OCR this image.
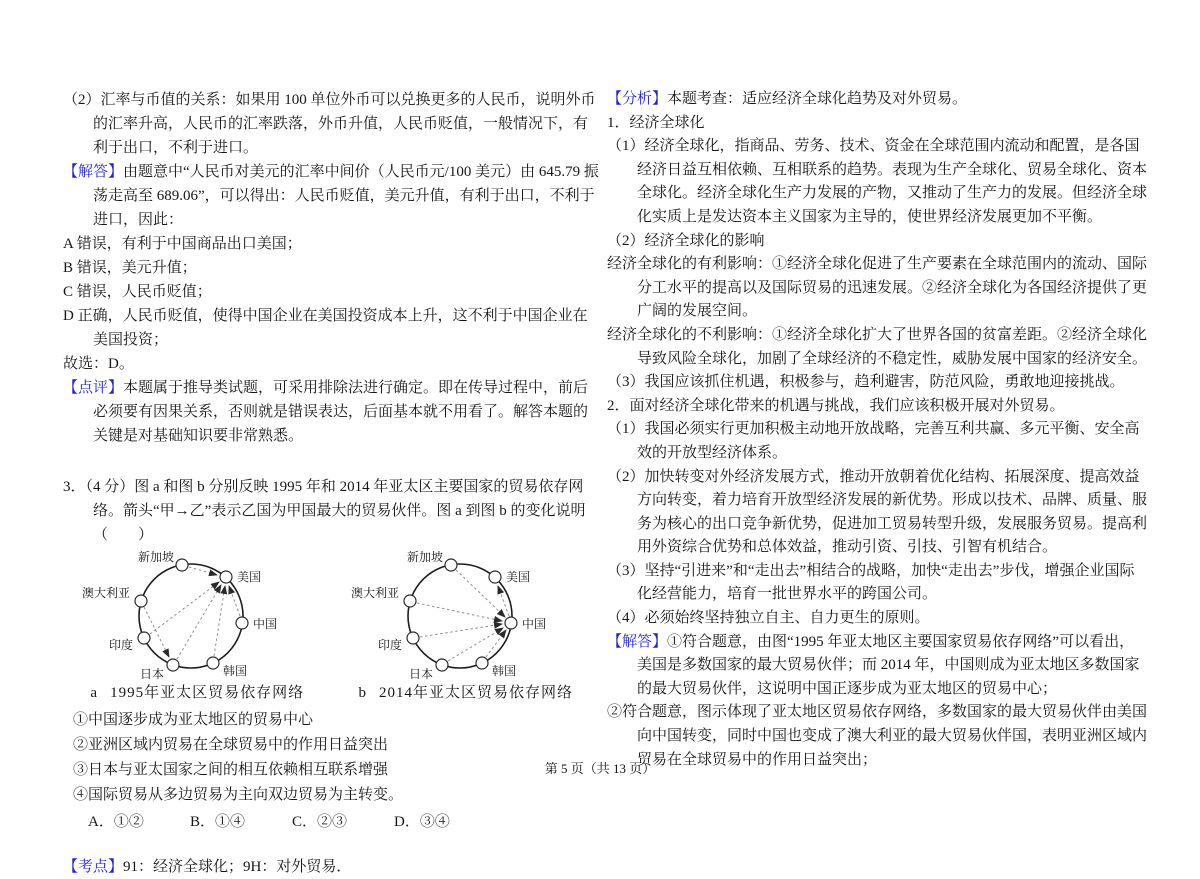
（2）汇率与币值的关系：如果用 100 单位外币可以兑换更多的人民币，说明外币的汇率升高，人民币的汇率跌落，外币升值，人民币贬值，一般情况下，有利于出口，不利于进口。

【解答】由题意中“人民币对美元的汇率中间价（人民币元/100 美元）由 645.79 振荡走高至 689.06”，可以得出：人民币贬值，美元升值，有利于出口，不利于进口，因此：

A 错误，有利于中国商品出口美国；

B 错误，美元升值；

C 错误，人民币贬值；

D 正确，人民币贬值，使得中国企业在美国投资成本上升，这不利于中国企业在美国投资；

故选：D。

【点评】本题属于推导类试题，可采用排除法进行确定。即在传导过程中，前后必须要有因果关系，否则就是错误表达，后面基本就不用看了。解答本题的关键是对基础知识要非常熟悉。

3．（4 分）图 a 和图 b 分别反映 1995 年和 2014 年亚太区主要国家的贸易依存网络。箭头“甲→乙”表示乙国为甲国最大的贸易伙伴。图 a 到图 b 的变化说明（　　）

新加坡
美国
澳大利亚
中国
印度
日本	韩国
a 1995年亚太区贸易依存网络
新加坡
美国
澳大利亚
中国
印度
日本	韩国
b 2014年亚太区贸易依存网络

①中国逐步成为亚太地区的贸易中心

②亚洲区域内贸易在全球贸易中的作用日益突出

③日本与亚太国家之间的相互依赖相互联系增强

④国际贸易从多边贸易为主向双边贸易为主转变。

A．①②	B．①④	C．②③	D．③④

【考点】91：经济全球化；9H：对外贸易．

【分析】本题考查：适应经济全球化趋势及对外贸易。

1．经济全球化

（1）经济全球化，指商品、劳务、技术、资金在全球范围内流动和配置，是各国经济日益互相依赖、互相联系的趋势。表现为生产全球化、贸易全球化、资本全球化。经济全球化生产力发展的产物，又推动了生产力的发展。但经济全球化实质上是发达资本主义国家为主导的，使世界经济发展更加不平衡。

（2）经济全球化的影响

经济全球化的有利影响：①经济全球化促进了生产要素在全球范围内的流动、国际分工水平的提高以及国际贸易的迅速发展。②经济全球化为各国经济提供了更广阔的发展空间。

经济全球化的不利影响：①经济全球化扩大了世界各国的贫富差距。②经济全球化导致风险全球化，加剧了全球经济的不稳定性，威胁发展中国家的经济安全。

（3）我国应该抓住机遇，积极参与，趋利避害，防范风险，勇敢地迎接挑战。

2．面对经济全球化带来的机遇与挑战，我们应该积极开展对外贸易。

（1）我国必须实行更加积极主动地开放战略，完善互利共赢、多元平衡、安全高效的开放型经济体系。

（2）加快转变对外经济发展方式，推动开放朝着优化结构、拓展深度、提高效益方向转变，着力培育开放型经济发展的新优势。形成以技术、品牌、质量、服务为核心的出口竞争新优势，促进加工贸易转型升级，发展服务贸易。提高利用外资综合优势和总体效益，推动引资、引技、引智有机结合。

（3）坚持“引进来”和“走出去”相结合的战略，加快“走出去”步伐，增强企业国际化经营能力，培育一批世界水平的跨国公司。

（4）必须始终坚持独立自主、自力更生的原则。

【解答】①符合题意，由图“1995 年亚太地区主要国家贸易依存网络”可以看出，美国是多数国家的最大贸易伙伴；而 2014 年，中国则成为亚太地区多数国家的最大贸易伙伴，这说明中国正逐步成为亚太地区的贸易中心；

②符合题意，图示体现了亚太地区贸易依存网络，多数国家的最大贸易伙伴由美国向中国转变，同时中国也变成了澳大利亚的最大贸易伙伴国，表明亚洲区域内贸易在全球贸易中的作用日益突出；

第 5 页（共 13 页）
